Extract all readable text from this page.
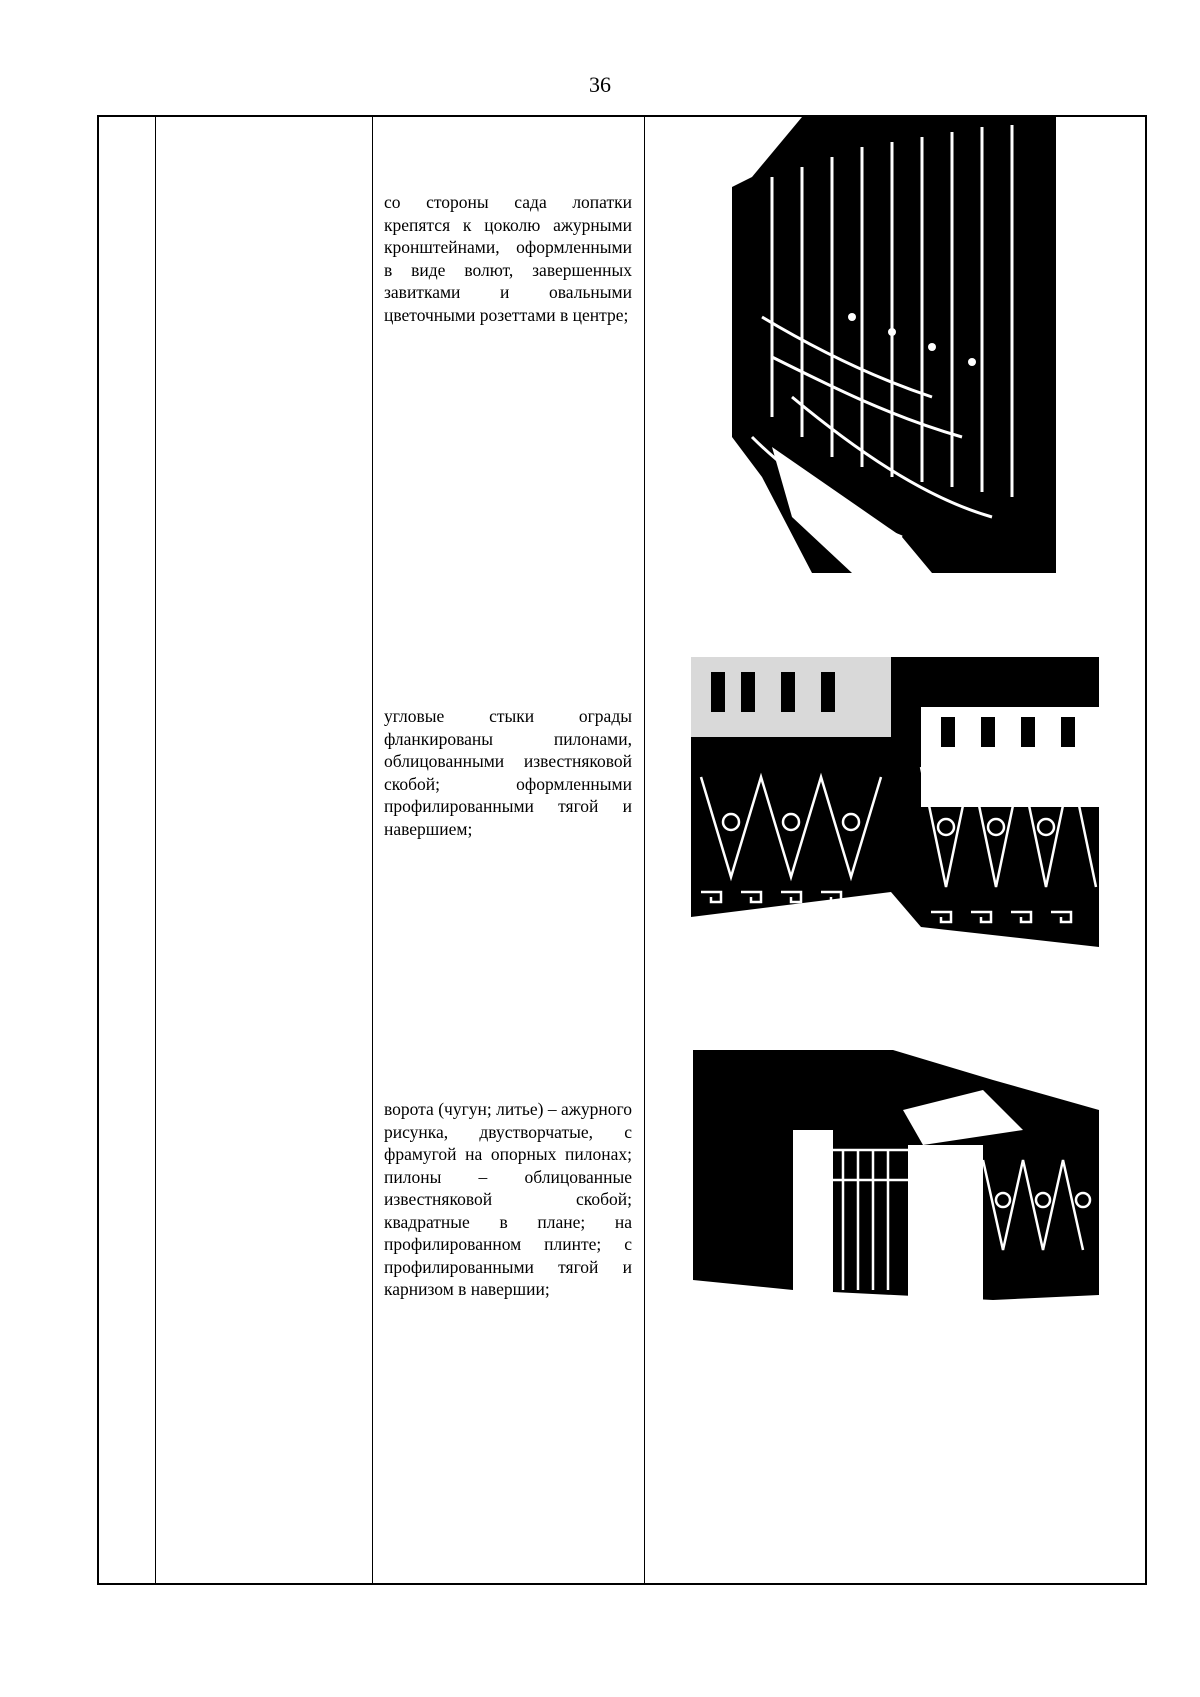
36
со стороны сада лопатки крепятся к цоколю ажурными кронштейнами, оформленными в виде волют, завершенных завитками и овальными цветочными розеттами в центре;
угловые стыки ограды фланкированы пилонами, облицованными известняковой скобой; оформленными профилированными тягой и навершием;
ворота (чугун; литье) – ажурного рисунка, двустворчатые, с фрамугой на опорных пилонах; пилоны – облицованные известняковой скобой; квадратные в плане; на профилированном плинте; с профилированными тягой и карнизом в навершии;
